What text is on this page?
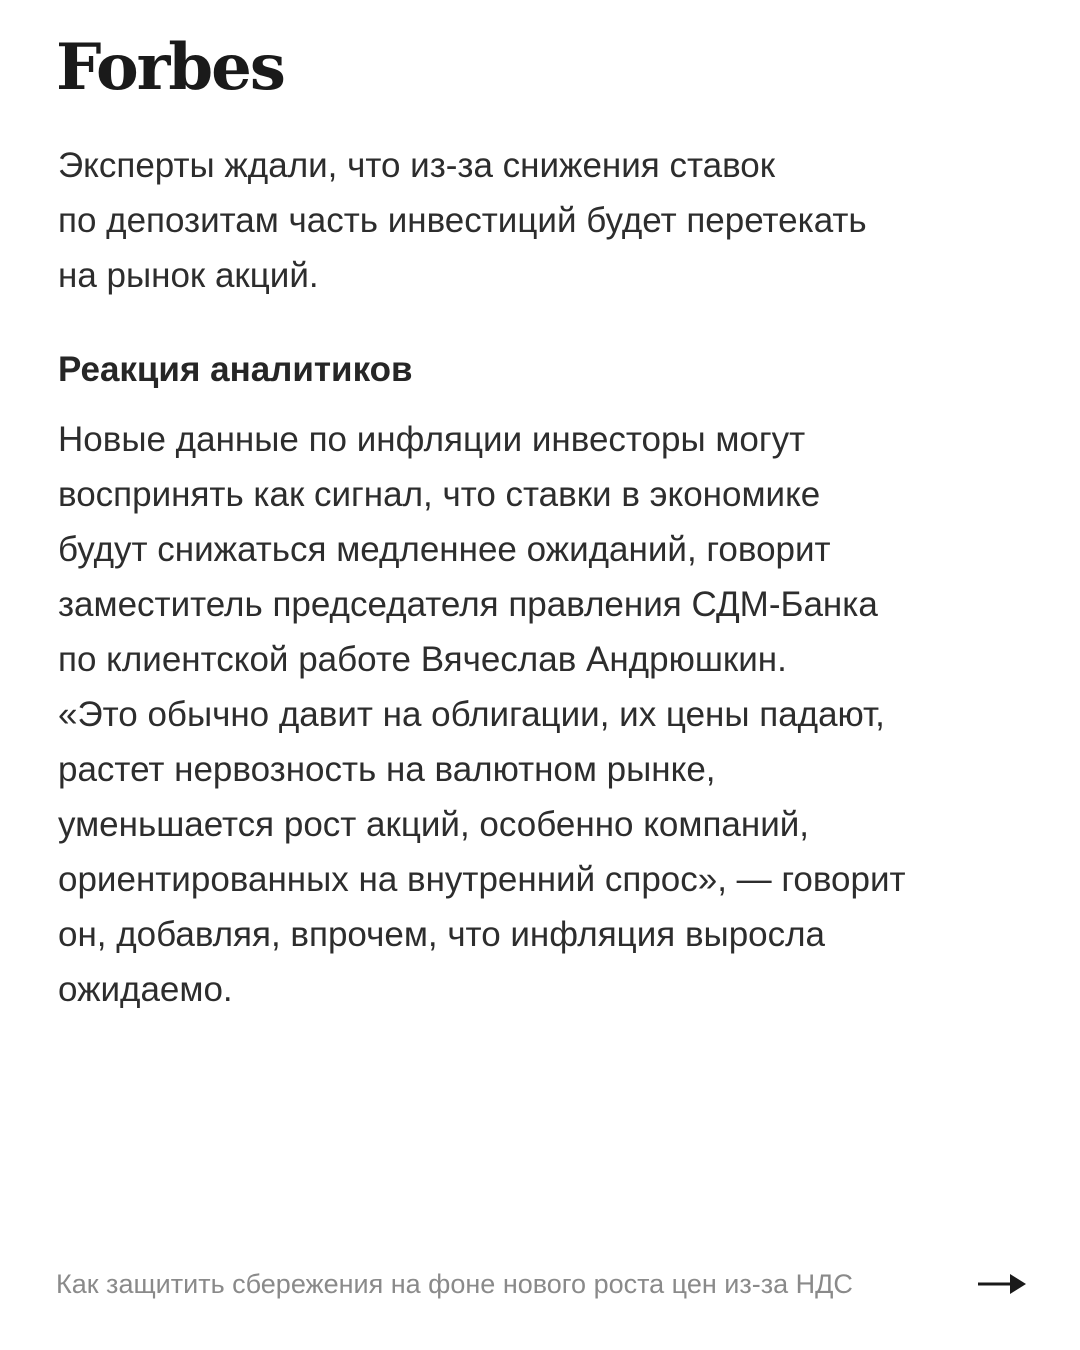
Forbes

Эксперты ждали, что из-за снижения ставок
по депозитам часть инвестиций будет перетекать
на рынок акций.

Реакция аналитиков

Новые данные по инфляции инвесторы могут
воспринять как сигнал, что ставки в экономике
будут снижаться медленнее ожиданий, говорит
заместитель председателя правления СДМ-Банка
по клиентской работе Вячеслав Андрюшкин.
«Это обычно давит на облигации, их цены падают,
растет нервозность на валютном рынке,
уменьшается рост акций, особенно компаний,
ориентированных на внутренний спрос», — говорит
он, добавляя, впрочем, что инфляция выросла
ожидаемо.

Как защитить сбережения на фоне нового роста цен из-за НДС
